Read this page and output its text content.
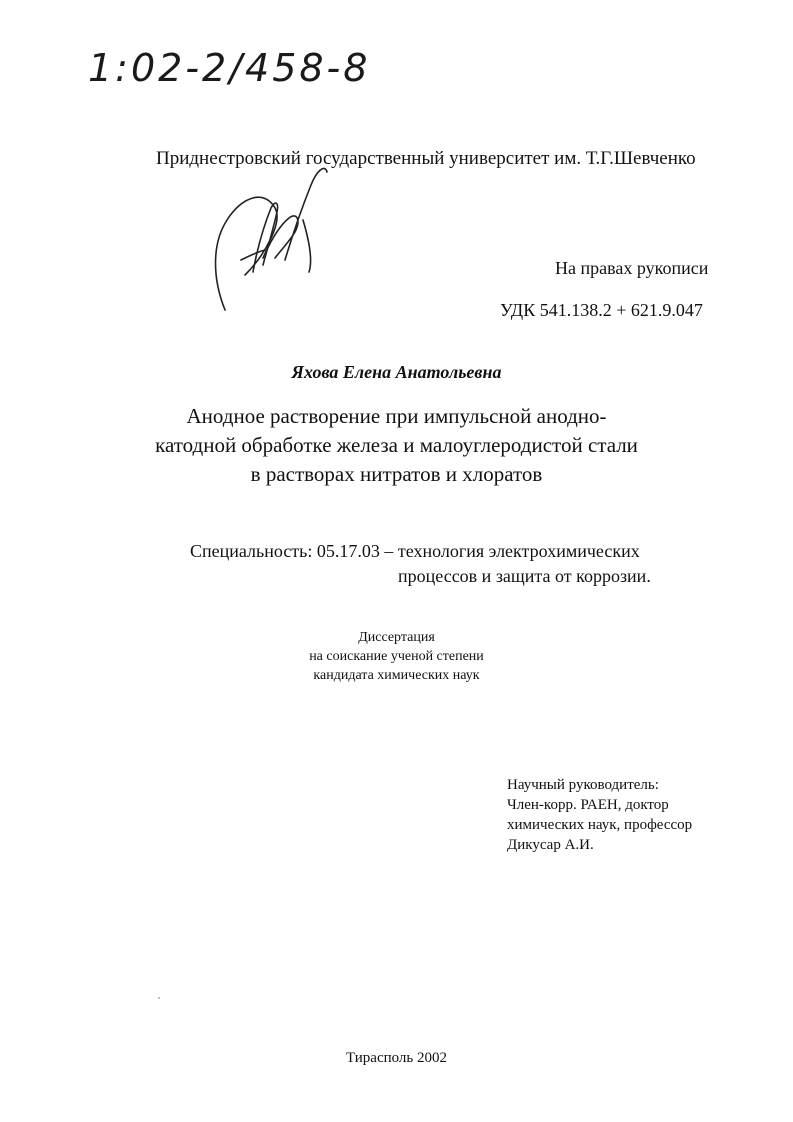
1:02-2/458-8
Приднестровский государственный университет им. Т.Г.Шевченко
На правах рукописи
УДК 541.138.2 + 621.9.047
Яхова Елена Анатольевна
Анодное растворение при импульсной анодно-
катодной обработке железа и малоуглеродистой стали
в растворах нитратов и хлоратов
Специальность: 05.17.03 – технология электрохимических
процессов и защита от коррозии.
Диссертация
на соискание ученой степени
кандидата химических наук
Научный руководитель:
Член-корр. РАЕН, доктор
химических наук, профессор
Дикусар А.И.
Тирасполь 2002
